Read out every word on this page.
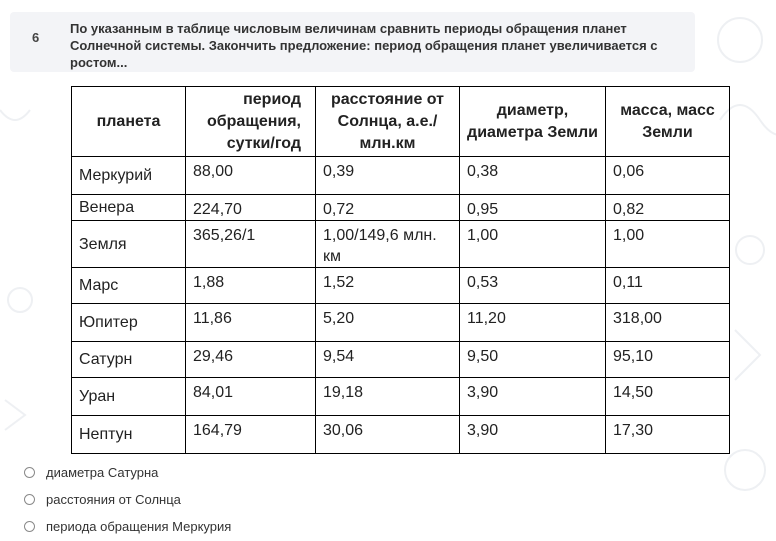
6
По указанным в таблице числовым величинам сравнить периоды обращения планет Солнечной системы. Закончить предложение: период обращения планет увеличивается с ростом...
планета	период обращения, сутки/год	расстояние от Солнца, а.е./ млн.км	диаметр, диаметра Земли	масса, масс Земли
Меркурий	88,00	0,39	0,38	0,06
Венера	224,70	0,72	0,95	0,82
Земля	365,26/1	1,00/149,6 млн. км	1,00	1,00
Марс	1,88	1,52	0,53	0,11
Юпитер	11,86	5,20	11,20	318,00
Сатурн	29,46	9,54	9,50	95,10
Уран	84,01	19,18	3,90	14,50
Нептун	164,79	30,06	3,90	17,30
диаметра Сатурна
расстояния от Солнца
периода обращения Меркурия
